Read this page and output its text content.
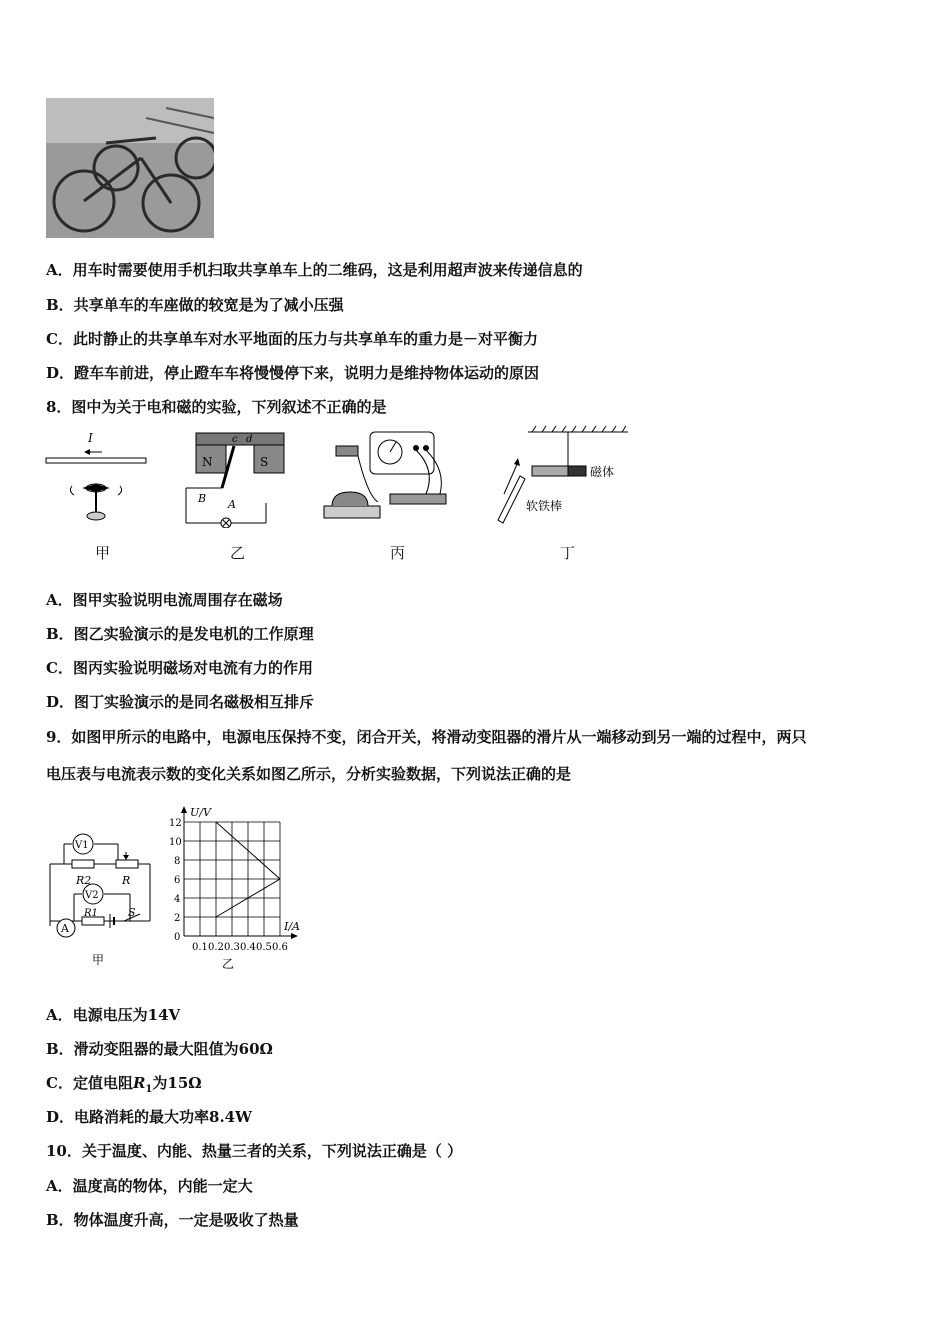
A．用车时需要使用手机扫取共享单车上的二维码，这是利用超声波来传递信息的
B．共享单车的车座做的较宽是为了减小压强
C．此时静止的共享单车对水平地面的压力与共享单车的重力是－对平衡力
D．蹬车车前进，停止蹬车车将慢慢停下来，说明力是维持物体运动的原因
8．图中为关于电和磁的实验，下列叙述不正确的是
I
甲
N	S
c d
B A
乙	丙
磁体
软铁棒
丁
A．图甲实验说明电流周围存在磁场
B．图乙实验演示的是发电机的工作原理
C．图丙实验说明磁场对电流有力的作用
D．图丁实验演示的是同名磁极相互排斥
9．如图甲所示的电路中，电源电压保持不变，闭合开关，将滑动变阻器的滑片从一端移动到另一端的过程中，两只
电压表与电流表示数的变化关系如图乙所示，分析实验数据，下列说法正确的是
V1
V2
R2	R
A
R1	S
甲
0.1 0.2 0.3 0.4 0.5 0.6
0
2
4
6
8
10
12
U/V
I/A
乙
A．电源电压为14V
B．滑动变阻器的最大阻值为60Ω
C．定值电阻$R_1$为15Ω
D．电路消耗的最大功率8.4W
10．关于温度、内能、热量三者的关系，下列说法正确是（ ）
A．温度高的物体，内能一定大
B．物体温度升高，一定是吸收了热量
